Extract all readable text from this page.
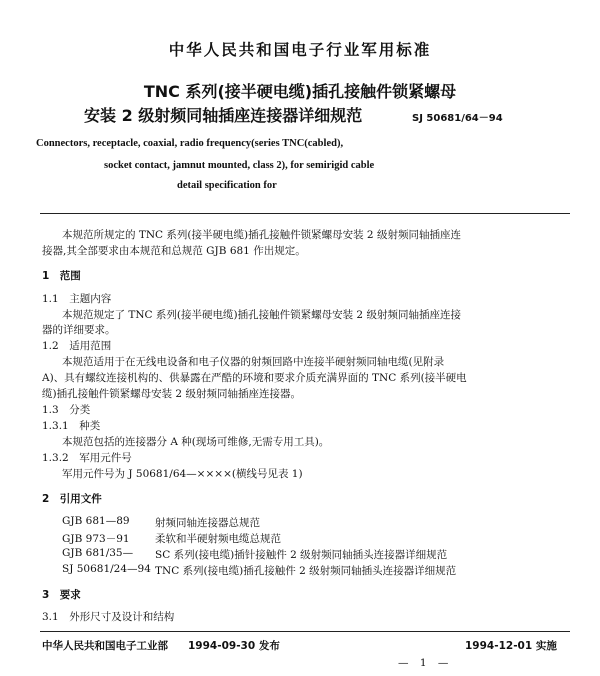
中华人民共和国电子行业军用标准
TNC 系列(接半硬电缆)插孔接触件锁紧螺母
安装 2 级射频同轴插座连接器详细规范	SJ 50681/64－94
Connectors, receptacle, coaxial, radio frequency(series TNC(cabled),
socket contact, jamnut mounted, class 2), for semirigid cable
detail specification for
本规范所规定的 TNC 系列(接半硬电缆)插孔接触件锁紧螺母安装 2 级射频同轴插座连
接器,其全部要求由本规范和总规范 GJB 681 作出规定。
1　范围
1.1　主题内容
本规范规定了 TNC 系列(接半硬电缆)插孔接触件锁紧螺母安装 2 级射频同轴插座连接
器的详细要求。
1.2　适用范围
本规范适用于在无线电设备和电子仪器的射频回路中连接半硬射频同轴电缆(见附录
A)、具有螺纹连接机构的、供暴露在严酷的环境和要求介质充满界面的 TNC 系列(接半硬电
缆)插孔接触件锁紧螺母安装 2 级射频同轴插座连接器。
1.3　分类
1.3.1　种类
本规范包括的连接器分 A 种(现场可维修,无需专用工具)。
1.3.2　军用元件号
军用元件号为 J 50681/64—××××(横线号见表 1)
2　引用文件
GJB 681—89 射频同轴连接器总规范
GJB 973－91 柔软和半硬射频电缆总规范
GJB 681/35— SC 系列(接电缆)插针接触件 2 级射频同轴插头连接器详细规范
SJ 50681/24—94 TNC 系列(接电缆)插孔接触件 2 级射频同轴插头连接器详细规范
3　要求
3.1　外形尺寸及设计和结构
中华人民共和国电子工业部 1994-09-30 发布	1994-12-01 实施
— 1 —
